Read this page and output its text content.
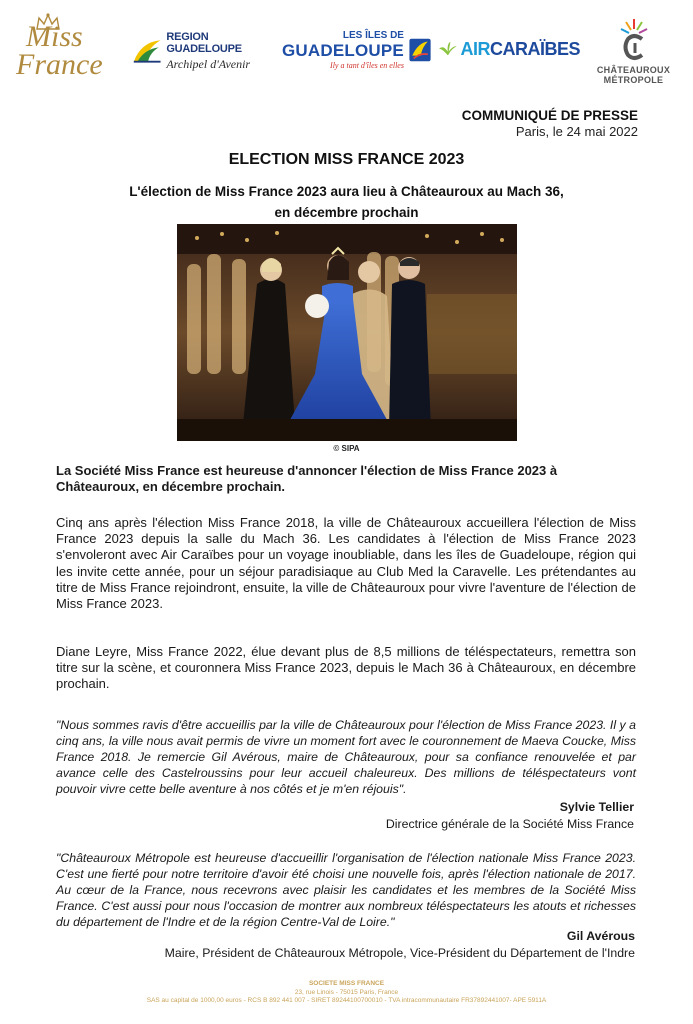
Miss
France
REGION GUADELOUPE
Archipel d'Avenir
LES ÎLES DE
GUADELOUPE
Ily a tant d'îles en elles
AIRCARAÏBES
CHÂTEAUROUX
MÉTROPOLE
COMMUNIQUÉ DE PRESSE
Paris, le 24 mai 2022
ELECTION MISS FRANCE 2023
L'élection de Miss France 2023 aura lieu à Châteauroux au Mach 36,
en décembre prochain
© SIPA
La Société Miss France est heureuse d'annoncer l'élection de Miss France 2023 à Châteauroux, en décembre prochain.
Cinq ans après l'élection Miss France 2018, la ville de Châteauroux accueillera l'élection de Miss France 2023 depuis la salle du Mach 36. Les candidates à l'élection de Miss France 2023 s'envoleront avec Air Caraïbes pour un voyage inoubliable, dans les îles de Guadeloupe, région qui les invite cette année, pour un séjour paradisiaque au Club Med la Caravelle. Les prétendantes au titre de Miss France rejoindront, ensuite, la ville de Châteauroux pour vivre l'aventure de l'élection de Miss France 2023.
Diane Leyre, Miss France 2022, élue devant plus de 8,5 millions de téléspectateurs, remettra son titre sur la scène, et couronnera Miss France 2023, depuis le Mach 36 à Châteauroux, en décembre prochain.
"Nous sommes ravis d'être accueillis par la ville de Châteauroux pour l'élection de Miss France 2023. Il y a cinq ans, la ville nous avait permis de vivre un moment fort avec le couronnement de Maeva Coucke, Miss France 2018. Je remercie Gil Avérous, maire de Châteauroux, pour sa confiance renouvelée et par avance celle des Castelroussins pour leur accueil chaleureux. Des millions de téléspectateurs vont pouvoir vivre cette belle aventure à nos côtés et je m'en réjouis".
Sylvie Tellier
Directrice générale de la Société Miss France
"Châteauroux Métropole est heureuse d'accueillir l'organisation de l'élection nationale Miss France 2023. C'est une fierté pour notre territoire d'avoir été choisi une nouvelle fois, après l'élection nationale de 2017. Au cœur de la France, nous recevrons avec plaisir les candidates et les membres de la Société Miss France. C'est aussi pour nous l'occasion de montrer aux nombreux téléspectateurs les atouts et richesses du département de l'Indre et de la région Centre-Val de Loire."
Gil Avérous
Maire, Président de Châteauroux Métropole, Vice-Président du Département de l'Indre
SOCIETE MISS FRANCE
23, rue Linois - 75015 Paris, France
SAS au capital de 1000,00 euros - RCS B 892 441 007 - SIRET 89244100700010 - TVA intracommunautaire FR37892441007- APE 5911A
